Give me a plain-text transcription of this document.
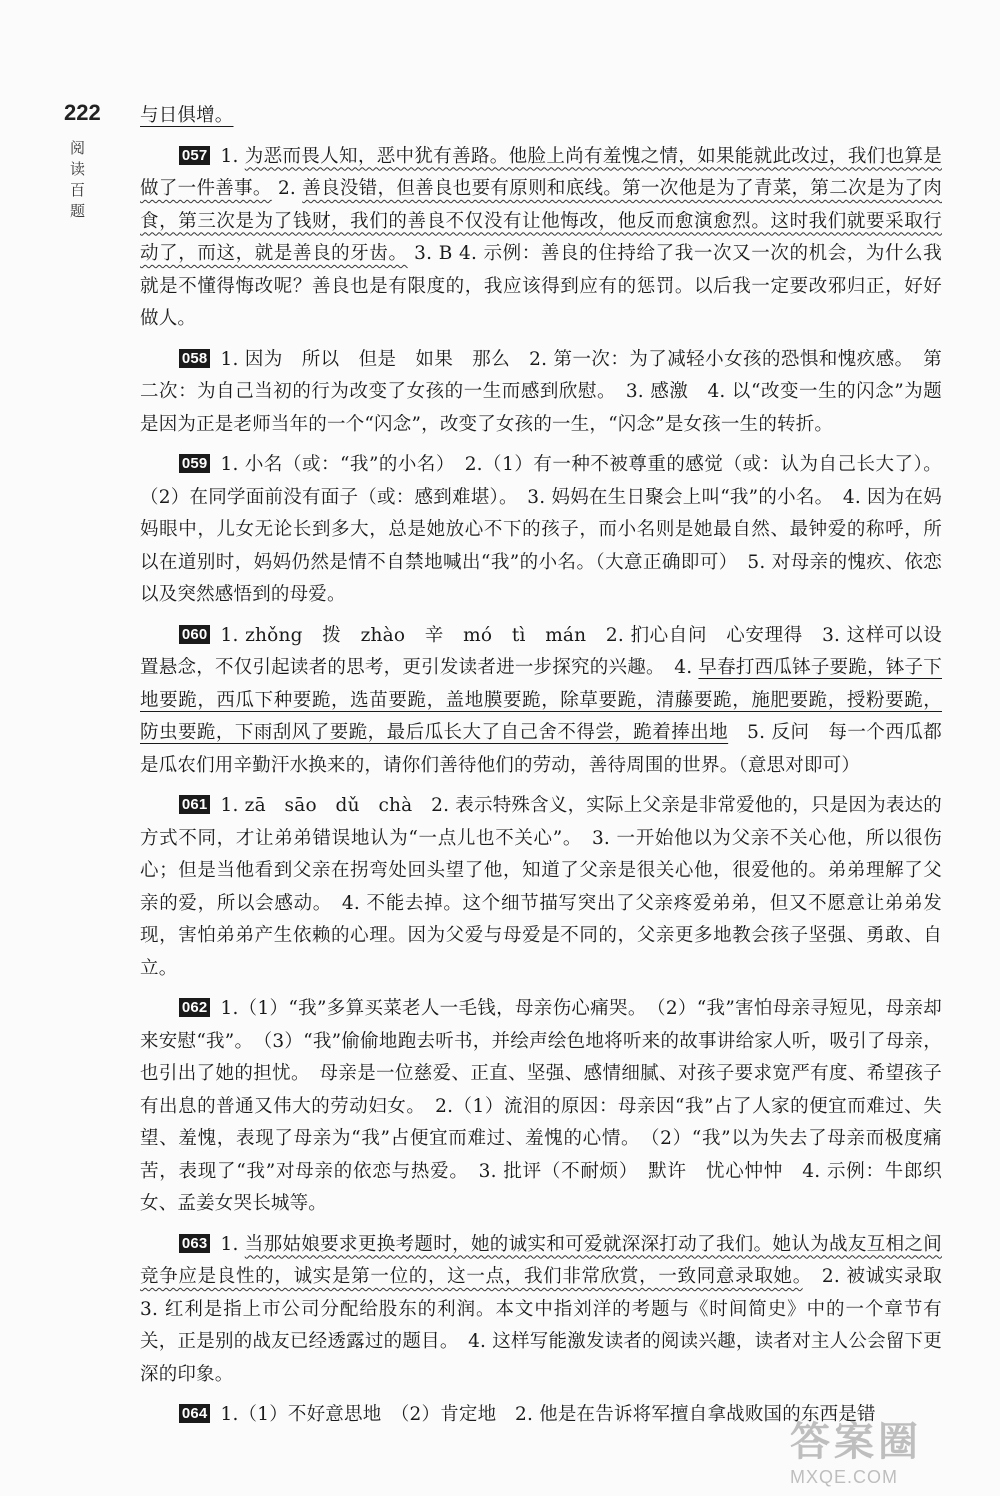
222
阅读百题

与日俱增。

057 1. 为恶而畏人知，恶中犹有善路。他脸上尚有羞愧之情，如果能就此改过，我们也算是做了一件善事。 2. 善良没错，但善良也要有原则和底线。第一次他是为了青菜，第二次是为了肉食，第三次是为了钱财，我们的善良不仅没有让他悔改，他反而愈演愈烈。这时我们就要采取行动了，而这，就是善良的牙齿。 3. B 4. 示例：善良的住持给了我一次又一次的机会，为什么我就是不懂得悔改呢？善良也是有限度的，我应该得到应有的惩罚。以后我一定要改邪归正，好好做人。

058 1. 因为　所以　但是　如果　那么　2. 第一次：为了减轻小女孩的恐惧和愧疚感。　第二次：为自己当初的行为改变了女孩的一生而感到欣慰。　3. 感激　4. 以“改变一生的闪念”为题是因为正是老师当年的一个“闪念”，改变了女孩的一生，“闪念”是女孩一生的转折。

059 1. 小名（或：“我”的小名）　2.（1）有一种不被尊重的感觉（或：认为自己长大了）。（2）在同学面前没有面子（或：感到难堪）。　3. 妈妈在生日聚会上叫“我”的小名。　4. 因为在妈妈眼中，儿女无论长到多大，总是她放心不下的孩子，而小名则是她最自然、最钟爱的称呼，所以在道别时，妈妈仍然是情不自禁地喊出“我”的小名。（大意正确即可）　5. 对母亲的愧疚、依恋以及突然感悟到的母爱。

060 1. zhǒng　拨　zhào　辛　mó　tì　mán　2. 扪心自问　心安理得　3. 这样可以设置悬念，不仅引起读者的思考，更引发读者进一步探究的兴趣。　4. 早春打西瓜钵子要跪，钵子下地要跪，西瓜下种要跪，选苗要跪，盖地膜要跪，除草要跪，清藤要跪，施肥要跪，授粉要跪，防虫要跪，下雨刮风了要跪，最后瓜长大了自己舍不得尝，跪着捧出地　5. 反问　每一个西瓜都是瓜农们用辛勤汗水换来的，请你们善待他们的劳动，善待周围的世界。（意思对即可）

061 1. zā　sāo　dǔ　chà　2. 表示特殊含义，实际上父亲是非常爱他的，只是因为表达的方式不同，才让弟弟错误地认为“一点儿也不关心”。　3. 一开始他以为父亲不关心他，所以很伤心；但是当他看到父亲在拐弯处回头望了他，知道了父亲是很关心他，很爱他的。弟弟理解了父亲的爱，所以会感动。　4. 不能去掉。这个细节描写突出了父亲疼爱弟弟，但又不愿意让弟弟发现，害怕弟弟产生依赖的心理。因为父爱与母爱是不同的，父亲更多地教会孩子坚强、勇敢、自立。

062 1.（1）“我”多算买菜老人一毛钱，母亲伤心痛哭。　（2）“我”害怕母亲寻短见，母亲却来安慰“我”。　（3）“我”偷偷地跑去听书，并绘声绘色地将听来的故事讲给家人听，吸引了母亲，也引出了她的担忧。　母亲是一位慈爱、正直、坚强、感情细腻、对孩子要求宽严有度、希望孩子有出息的普通又伟大的劳动妇女。　2.（1）流泪的原因：母亲因“我”占了人家的便宜而难过、失望、羞愧，表现了母亲为“我”占便宜而难过、羞愧的心情。　（2）“我”以为失去了母亲而极度痛苦，表现了“我”对母亲的依恋与热爱。　3. 批评（不耐烦）　默许　忧心忡忡　4. 示例：牛郎织女、孟姜女哭长城等。

063 1. 当那姑娘要求更换考题时，她的诚实和可爱就深深打动了我们。她认为战友互相之间竞争应是良性的，诚实是第一位的，这一点，我们非常欣赏，一致同意录取她。　2. 被诚实录取　3. 红利是指上市公司分配给股东的利润。本文中指刘洋的考题与《时间简史》中的一个章节有关，正是别的战友已经透露过的题目。　4. 这样写能激发读者的阅读兴趣，读者对主人公会留下更深的印象。

064 1.（1）不好意思地　（2）肯定地　2. 他是在告诉将军擅自拿战败国的东西是错

答案圈
MXQE.COM
